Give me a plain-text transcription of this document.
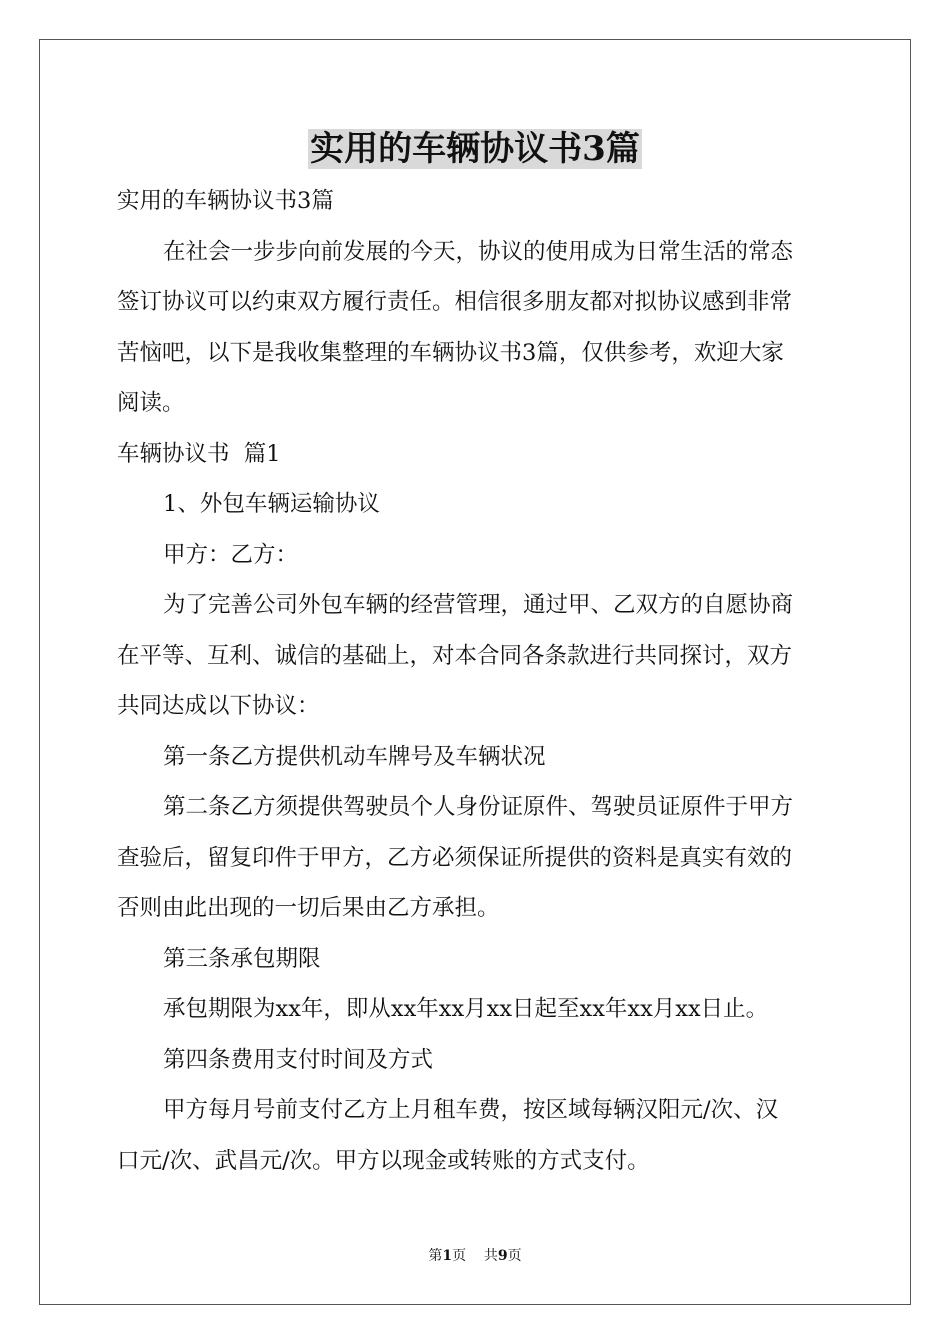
实用的车辆协议书3篇

实用的车辆协议书3篇

在社会一步步向前发展的今天，协议的使用成为日常生活的常态

签订协议可以约束双方履行责任。相信很多朋友都对拟协议感到非常

苦恼吧，以下是我收集整理的车辆协议书3篇，仅供参考，欢迎大家

阅读。

车辆协议书  篇1

1、外包车辆运输协议

甲方：乙方：

为了完善公司外包车辆的经营管理，通过甲、乙双方的自愿协商

在平等、互利、诚信的基础上，对本合同各条款进行共同探讨，双方

共同达成以下协议：

第一条乙方提供机动车牌号及车辆状况

第二条乙方须提供驾驶员个人身份证原件、驾驶员证原件于甲方

查验后，留复印件于甲方，乙方必须保证所提供的资料是真实有效的

否则由此出现的一切后果由乙方承担。

第三条承包期限

承包期限为xx年，即从xx年xx月xx日起至xx年xx月xx日止。

第四条费用支付时间及方式

甲方每月号前支付乙方上月租车费，按区域每辆汉阳元/次、汉

口元/次、武昌元/次。甲方以现金或转账的方式支付。

第1页 共9页
